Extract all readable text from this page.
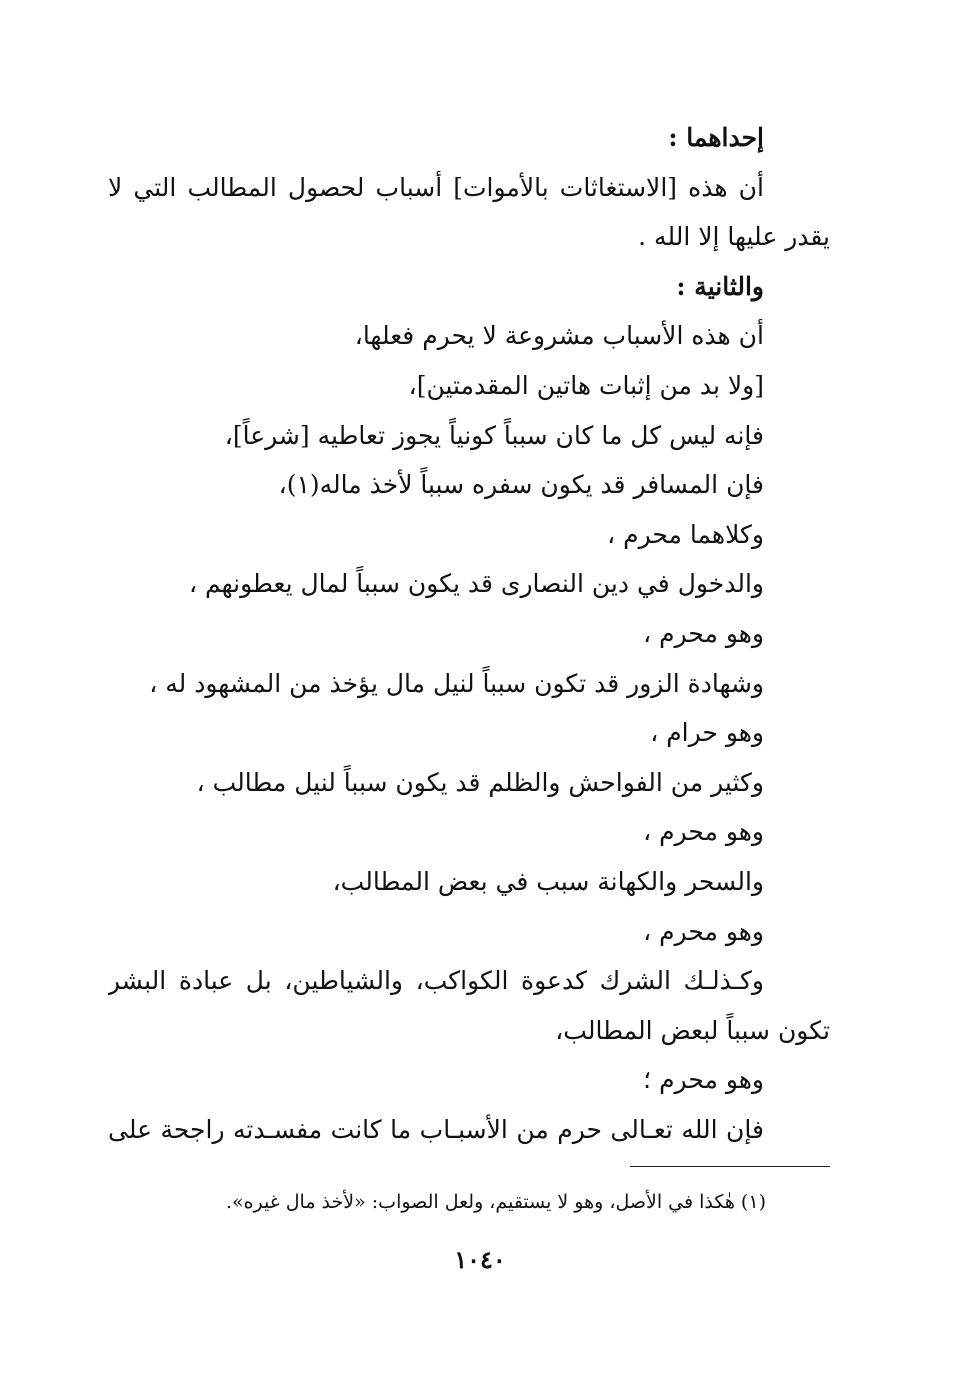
إحداهما :
أن هذه [الاستغاثات بالأموات] أسباب لحصول المطالب التي لا
يقدر عليها إلا الله .
والثانية :
أن هذه الأسباب مشروعة لا يحرم فعلها،
[ولا بد من إثبات هاتين المقدمتين]،
فإنه ليس كل ما كان سبباً كونياً يجوز تعاطيه [شرعاً]،
فإن المسافر قد يكون سفره سبباً لأخذ ماله(١)،
وكلاهما محرم ،
والدخول في دين النصارى قد يكون سبباً لمال يعطونهم ،
وهو محرم ،
وشهادة الزور قد تكون سبباً لنيل مال يؤخذ من المشهود له ،
وهو حرام ،
وكثير من الفواحش والظلم قد يكون سبباً لنيل مطالب ،
وهو محرم ،
والسحر والكهانة سبب في بعض المطالب،
وهو محرم ،
وكـذلـك الشرك كدعوة الكواكب، والشياطين، بل عبادة البشر
تكون سبباً لبعض المطالب،
وهو محرم ؛
فإن الله تعـالى حرم من الأسبـاب ما كانت مفسـدته راجحة على
(١) هٰكذا في الأصل، وهو لا يستقيم، ولعل الصواب: «لأخذ مال غيره».
١٠٤٠
